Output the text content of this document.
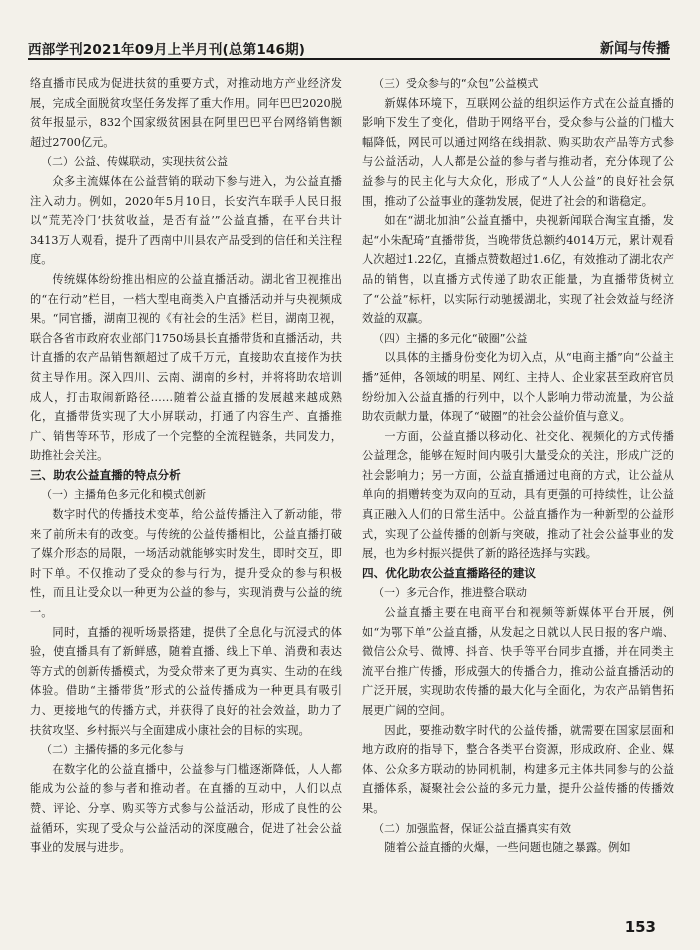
西部学刊2021年09月上半月刊(总第146期)	新闻与传播

络直播市民成为促进扶贫的重要方式，对推动地方产业经济发展，完成全面脱贫攻坚任务发挥了重大作用。同年巴巴2020脱贫年报显示，832个国家级贫困县在阿里巴巴平台网络销售额超过2700亿元。

（二）公益、传媒联动，实现扶贫公益

众多主流媒体在公益营销的联动下参与进入，为公益直播注入动力。例如，2020年5月10日，长安汽车联手人民日报以“荒芜冷门‘扶贫收益，是否有益’”公益直播，在平台共计3413万人观看，提升了西南中川县农产品受到的信任和关注程度。

传统媒体纷纷推出相应的公益直播活动。湖北省卫视推出的“在行动”栏目，一档大型电商类入户直播活动并与央视频成果。“同官播，湖南卫视的《有社会的生活》栏目，湖南卫视，联合各省市政府农业部门1750场县长直播带货和直播活动，共计直播的农产品销售额超过了成千万元，直接助农直接作为扶贫主导作用。深入四川、云南、湖南的乡村，并将将助农培训成人，打击取闹新路径……随着公益直播的发展越来越成熟化，直播带货实现了大小屏联动，打通了内容生产、直播推广、销售等环节，形成了一个完整的全流程链条，共同发力，助推社会关注。

三、助农公益直播的特点分析
（一）主播角色多元化和模式创新

数字时代的传播技术变革，给公益传播注入了新动能，带来了前所未有的改变。与传统的公益传播相比，公益直播打破了媒介形态的局限，一场活动就能够实时发生，即时交互，即时下单。不仅推动了受众的参与行为，提升受众的参与积极性，而且让受众以一种更为公益的参与，实现消费与公益的统一。

同时，直播的视听场景搭建，提供了全息化与沉浸式的体验，使直播具有了新鲜感，随着直播、线上下单、消费和表达等方式的创新传播模式，为受众带来了更为真实、生动的在线体验。借助“主播带货”形式的公益传播成为一种更具有吸引力、更接地气的传播方式，并获得了良好的社会效益，助力了扶贫攻坚、乡村振兴与全面建成小康社会的目标的实现。

（二）主播传播的多元化参与

在数字化的公益直播中，公益参与门槛逐渐降低，人人都能成为公益的参与者和推动者。在直播的互动中，人们以点赞、评论、分享、购买等方式参与公益活动，形成了良性的公益循环，实现了受众与公益活动的深度融合，促进了社会公益事业的发展与进步。

（三）受众参与的“众包”公益模式

新媒体环境下，互联网公益的组织运作方式在公益直播的影响下发生了变化，借助于网络平台，受众参与公益的门槛大幅降低，网民可以通过网络在线捐款、购买助农产品等方式参与公益活动，人人都是公益的参与者与推动者，充分体现了公益参与的民主化与大众化，形成了“人人公益”的良好社会氛围，推动了公益事业的蓬勃发展，促进了社会的和谐稳定。

如在“湖北加油”公益直播中，央视新闻联合淘宝直播，发起“小朱配琦”直播带货，当晚带货总额约4014万元，累计观看人次超过1.22亿，直播点赞数超过1.6亿，有效推动了湖北农产品的销售，以直播方式传递了助农正能量，为直播带货树立了“公益”标杆，以实际行动驰援湖北，实现了社会效益与经济效益的双赢。

（四）主播的多元化“破圈”公益

以具体的主播身份变化为切入点，从“电商主播”向“公益主播”延伸，各领域的明星、网红、主持人、企业家甚至政府官员纷纷加入公益直播的行列中，以个人影响力带动流量，为公益助农贡献力量，体现了“破圈”的社会公益价值与意义。

一方面，公益直播以移动化、社交化、视频化的方式传播公益理念，能够在短时间内吸引大量受众的关注，形成广泛的社会影响力；另一方面，公益直播通过电商的方式，让公益从单向的捐赠转变为双向的互动，具有更强的可持续性，让公益真正融入人们的日常生活中。公益直播作为一种新型的公益形式，实现了公益传播的创新与突破，推动了社会公益事业的发展，也为乡村振兴提供了新的路径选择与实践。

四、优化助农公益直播路径的建议
（一）多元合作，推进整合联动

公益直播主要在电商平台和视频等新媒体平台开展，例如“为鄂下单”公益直播，从发起之日就以人民日报的客户端、微信公众号、微博、抖音、快手等平台同步直播，并在同类主流平台推广传播，形成强大的传播合力，推动公益直播活动的广泛开展，实现助农传播的最大化与全面化，为农产品销售拓展更广阔的空间。

因此，要推动数字时代的公益传播，就需要在国家层面和地方政府的指导下，整合各类平台资源，形成政府、企业、媒体、公众多方联动的协同机制，构建多元主体共同参与的公益直播体系，凝聚社会公益的多元力量，提升公益传播的传播效果。

（二）加强监督，保证公益直播真实有效

随着公益直播的火爆，一些问题也随之暴露。例如

153
